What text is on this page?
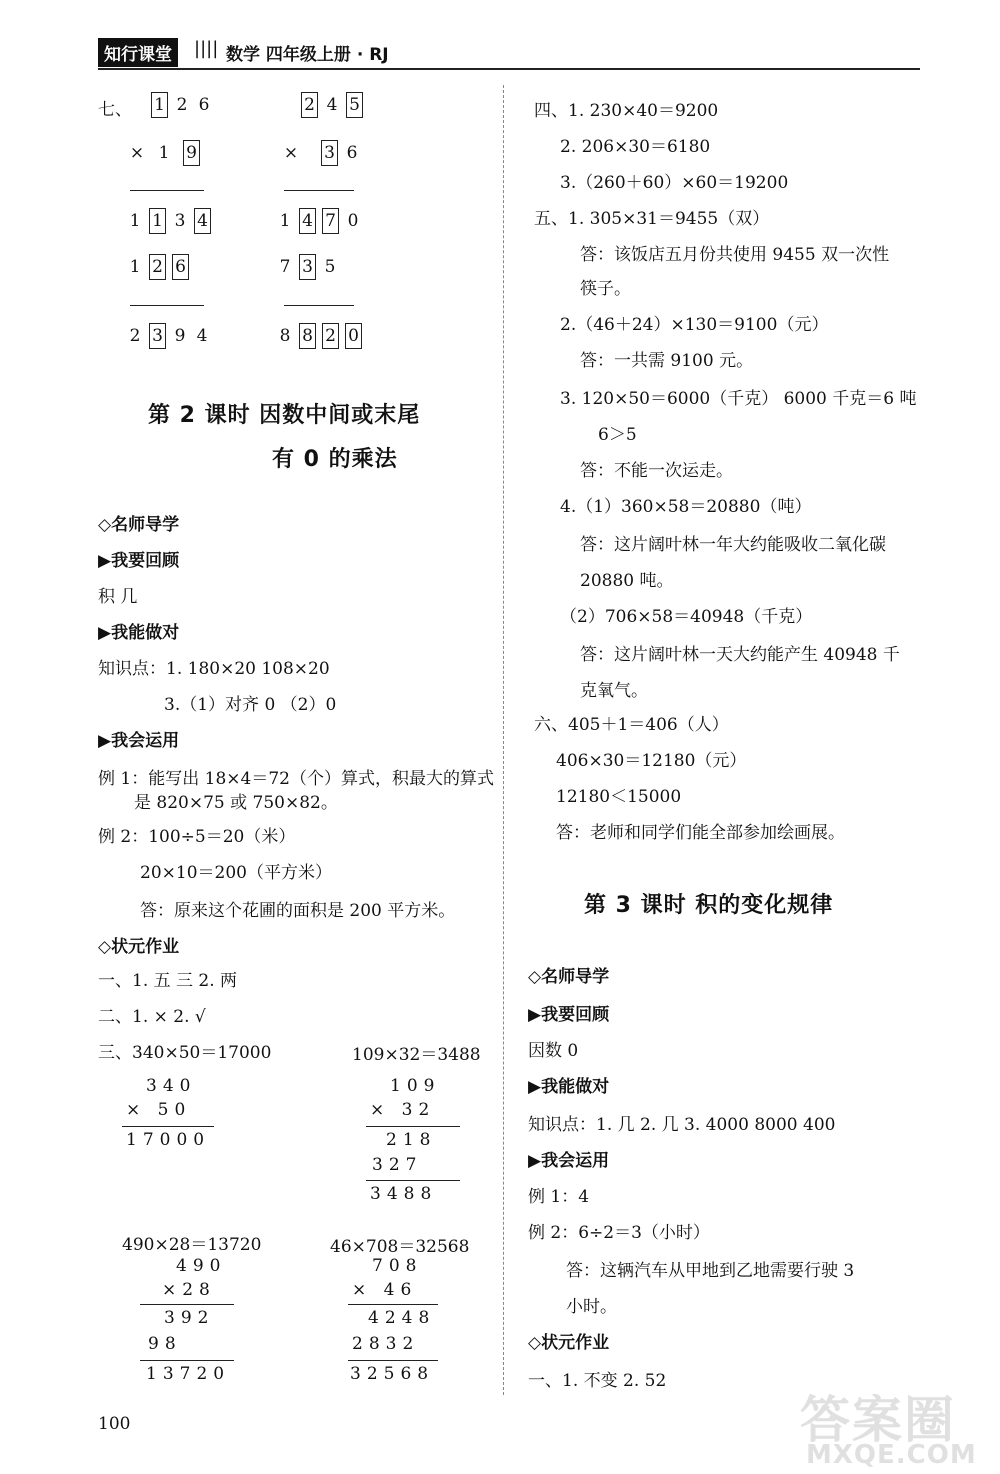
知行课堂	|||| 数学 四年级上册 · RJ
七、	1 2 6
× 1 9
1 1 3 4
1 2 6
2 3 9 4
2 4 5
× 3 6
1 4 7 0
7 3 5
8 8 2 0
第 2 课时 因数中间或末尾
有 0 的乘法
◇名师导学
▶我要回顾
积 几
▶我能做对
知识点：1. 180×20 108×20
3.（1）对齐 0 （2）0
▶我会运用
例 1：能写出 18×4＝72（个）算式，积最大的算式
是 820×75 或 750×82。
例 2：100÷5＝20（米）
20×10＝200（平方米）
答：原来这个花圃的面积是 200 平方米。
◇状元作业
一、1. 五 三 2. 两
二、1. × 2. √
三、340×50＝17000	109×32＝3488
340
× 50
17000
109
× 32
218
327
3488
490×28＝13720	46×708＝32568
490
×28
392
98
13720
708
× 46
4248
2832
32568
100
四、1. 230×40＝9200
2. 206×30＝6180
3.（260＋60）×60＝19200
五、1. 305×31＝9455（双）
答：该饭店五月份共使用 9455 双一次性
筷子。
2.（46＋24）×130＝9100（元）
答：一共需 9100 元。
3. 120×50＝6000（千克） 6000 千克＝6 吨
6＞5
答：不能一次运走。
4.（1）360×58＝20880（吨）
答：这片阔叶林一年大约能吸收二氧化碳
20880 吨。
（2）706×58＝40948（千克）
答：这片阔叶林一天大约能产生 40948 千
克氧气。
六、405＋1＝406（人）
406×30＝12180（元）
12180＜15000
答：老师和同学们能全部参加绘画展。
第 3 课时 积的变化规律
◇名师导学
▶我要回顾
因数 0
▶我能做对
知识点：1. 几 2. 几 3. 4000 8000 400
▶我会运用
例 1：4
例 2：6÷2＝3（小时）
答：这辆汽车从甲地到乙地需要行驶 3
小时。
◇状元作业
一、1. 不变 2. 52
答案圈
MXQE.COM
